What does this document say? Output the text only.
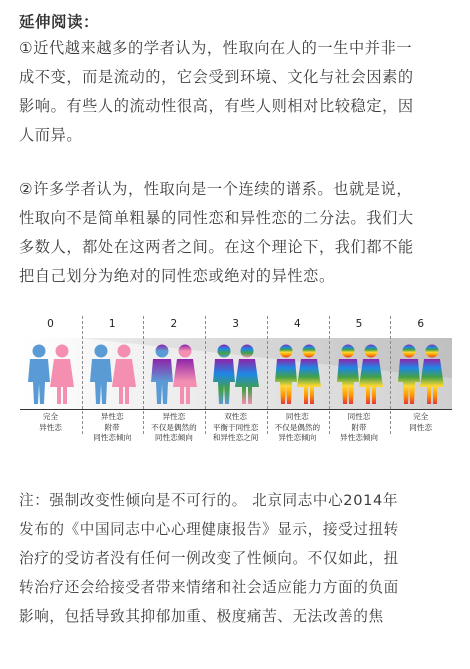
延伸阅读：
①近代越来越多的学者认为，性取向在人的一生中并非一
成不变，而是流动的，它会受到环境、文化与社会因素的
影响。有些人的流动性很高，有些人则相对比较稳定，因
人而异。
②许多学者认为，性取向是一个连续的谱系。也就是说，
性取向不是简单粗暴的同性恋和异性恋的二分法。我们大
多数人，都处在这两者之间。在这个理论下，我们都不能
把自己划分为绝对的同性恋或绝对的异性恋。
0
完全
异性恋
1
异性恋
附带
同性恋倾向
2
异性恋
不仅是偶然的
同性恋倾向
3
双性恋
平衡于同性恋
和异性恋之间
4
同性恋
不仅是偶然的
异性恋倾向
5
同性恋
附带
异性恋倾向
6
完全
同性恋
注：强制改变性倾向是不可行的。 北京同志中心2014年
发布的《中国同志中心心理健康报告》显示，接受过扭转
治疗的受访者没有任何一例改变了性倾向。不仅如此，扭
转治疗还会给接受者带来情绪和社会适应能力方面的负面
影响，包括导致其抑郁加重、极度痛苦、无法改善的焦
